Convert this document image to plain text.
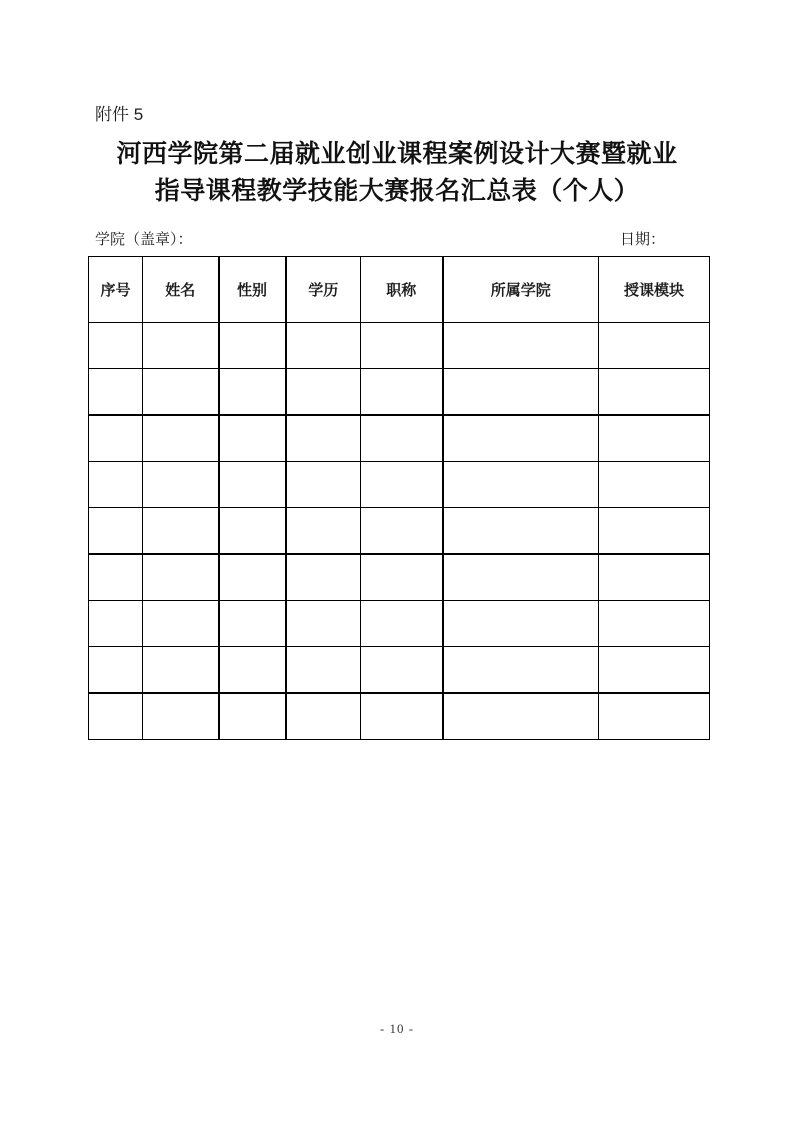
附件 5
河西学院第二届就业创业课程案例设计大赛暨就业
指导课程教学技能大赛报名汇总表（个人）
学院（盖章）：	日期：
序号	姓名	性别	学历	职称	所属学院	授课模块

- 10 -
